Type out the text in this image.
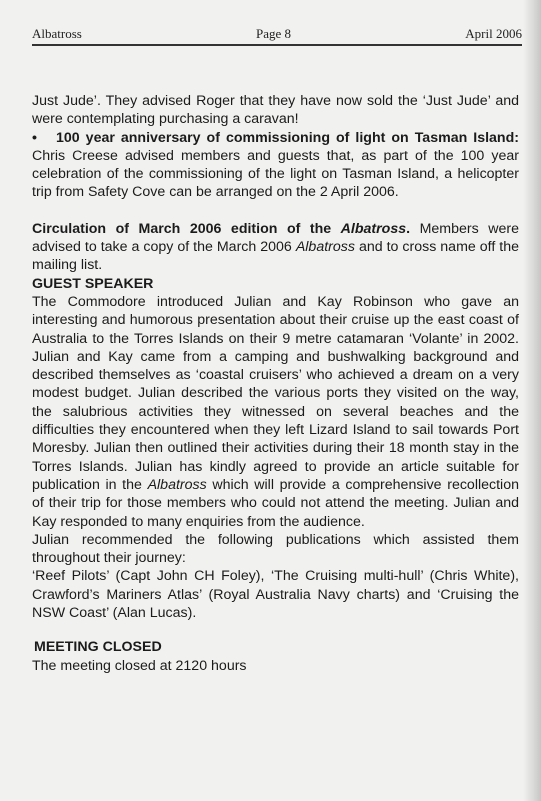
Albatross	Page 8	April 2006

Just Jude’. They advised Roger that they have now sold the ‘Just Jude’ and were contemplating purchasing a caravan!

• 100 year anniversary of commissioning of light on Tasman Island: Chris Creese advised members and guests that, as part of the 100 year celebration of the commissioning of the light on Tasman Island, a helicopter trip from Safety Cove can be arranged on the 2 April 2006.

Circulation of March 2006 edition of the Albatross. Members were advised to take a copy of the March 2006 Albatross and to cross name off the mailing list.

GUEST SPEAKER

The Commodore introduced Julian and Kay Robinson who gave an interesting and humorous presentation about their cruise up the east coast of Australia to the Torres Islands on their 9 metre catamaran ‘Volante’ in 2002. Julian and Kay came from a camping and bushwalking background and described themselves as ‘coastal cruisers’ who achieved a dream on a very modest budget. Julian described the various ports they visited on the way, the salubrious activities they witnessed on several beaches and the difficulties they encountered when they left Lizard Island to sail towards Port Moresby. Julian then outlined their activities during their 18 month stay in the Torres Islands. Julian has kindly agreed to provide an article suitable for publication in the Albatross which will provide a comprehensive recollection of their trip for those members who could not attend the meeting. Julian and Kay responded to many enquiries from the audience.

Julian recommended the following publications which assisted them throughout their journey:

‘Reef Pilots’ (Capt John CH Foley), ‘The Cruising multi-hull’ (Chris White), Crawford’s Mariners Atlas’ (Royal Australia Navy charts) and ‘Cruising the NSW Coast’ (Alan Lucas).

MEETING CLOSED

The meeting closed at 2120 hours
